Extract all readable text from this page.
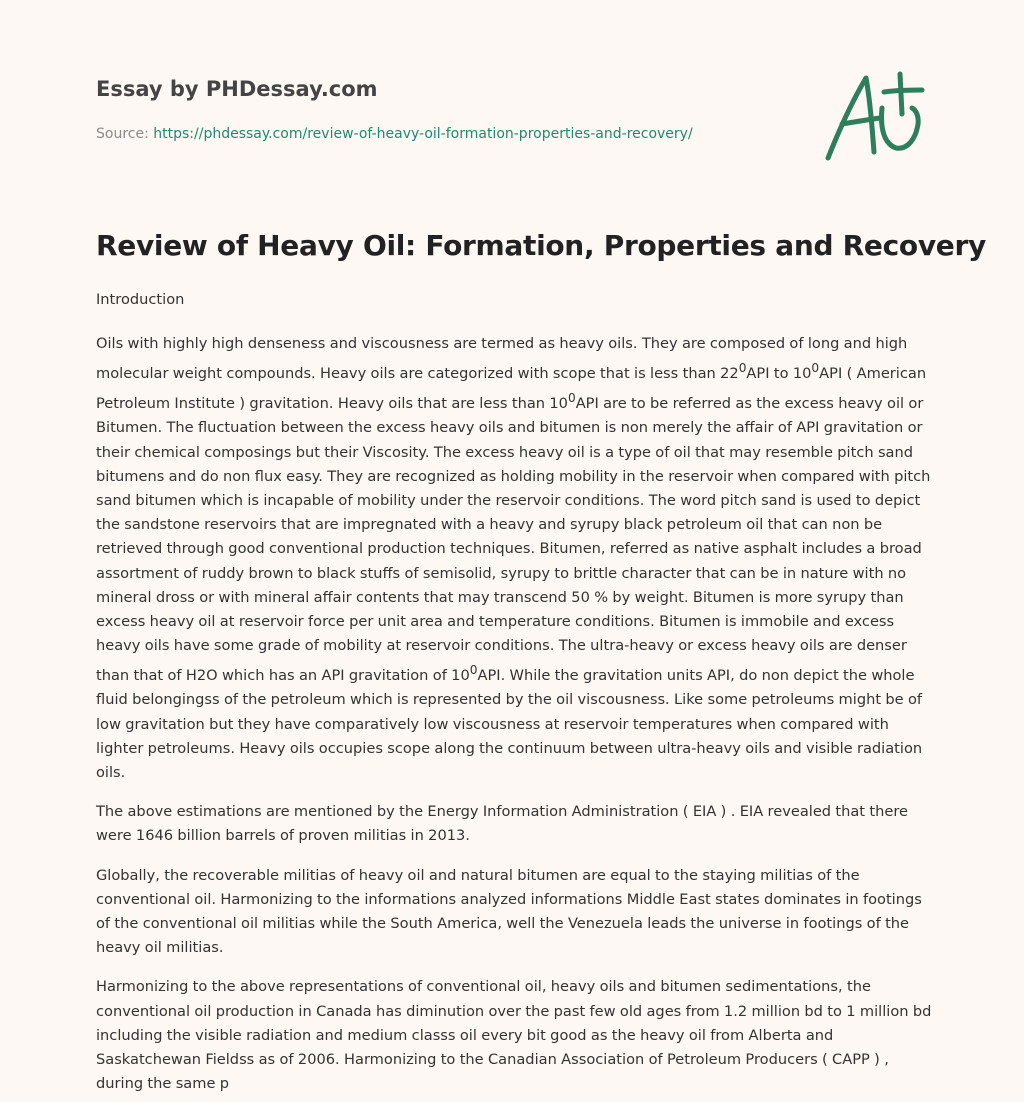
Essay by PHDessay.com
Source: https://phdessay.com/review-of-heavy-oil-formation-properties-and-recovery/
Review of Heavy Oil: Formation, Properties and Recovery
Introduction

Oils with highly high denseness and viscousness are termed as heavy oils. They are composed of long and high molecular weight compounds. Heavy oils are categorized with scope that is less than $22^0API$ to $10^0API$ ( American Petroleum Institute ) gravitation. Heavy oils that are less than $10^0API$ are to be referred as the excess heavy oil or Bitumen. The fluctuation between the excess heavy oils and bitumen is non merely the affair of API gravitation or their chemical composings but their Viscosity. The excess heavy oil is a type of oil that may resemble pitch sand bitumens and do non flux easy. They are recognized as holding mobility in the reservoir when compared with pitch sand bitumen which is incapable of mobility under the reservoir conditions. The word pitch sand is used to depict the sandstone reservoirs that are impregnated with a heavy and syrupy black petroleum oil that can non be retrieved through good conventional production techniques. Bitumen, referred as native asphalt includes a broad assortment of ruddy brown to black stuffs of semisolid, syrupy to brittle character that can be in nature with no mineral dross or with mineral affair contents that may transcend 50 % by weight. Bitumen is more syrupy than excess heavy oil at reservoir force per unit area and temperature conditions. Bitumen is immobile and excess heavy oils have some grade of mobility at reservoir conditions. The ultra-heavy or excess heavy oils are denser than that of H2O which has an API gravitation of $10^0API$. While the gravitation units API, do non depict the whole fluid belongingss of the petroleum which is represented by the oil viscousness. Like some petroleums might be of low gravitation but they have comparatively low viscousness at reservoir temperatures when compared with lighter petroleums. Heavy oils occupies scope along the continuum between ultra-heavy oils and visible radiation oils.

The above estimations are mentioned by the Energy Information Administration ( EIA ) . EIA revealed that there were 1646 billion barrels of proven militias in 2013.

Globally, the recoverable militias of heavy oil and natural bitumen are equal to the staying militias of the conventional oil. Harmonizing to the informations analyzed informations Middle East states dominates in footings of the conventional oil militias while the South America, well the Venezuela leads the universe in footings of the heavy oil militias.

Harmonizing to the above representations of conventional oil, heavy oils and bitumen sedimentations, the conventional oil production in Canada has diminution over the past few old ages from 1.2 million bd to 1 million bd including the visible radiation and medium classs oil every bit good as the heavy oil from Alberta and Saskatchewan Fieldss as of 2006. Harmonizing to the Canadian Association of Petroleum Producers ( CAPP ) , during the same p
